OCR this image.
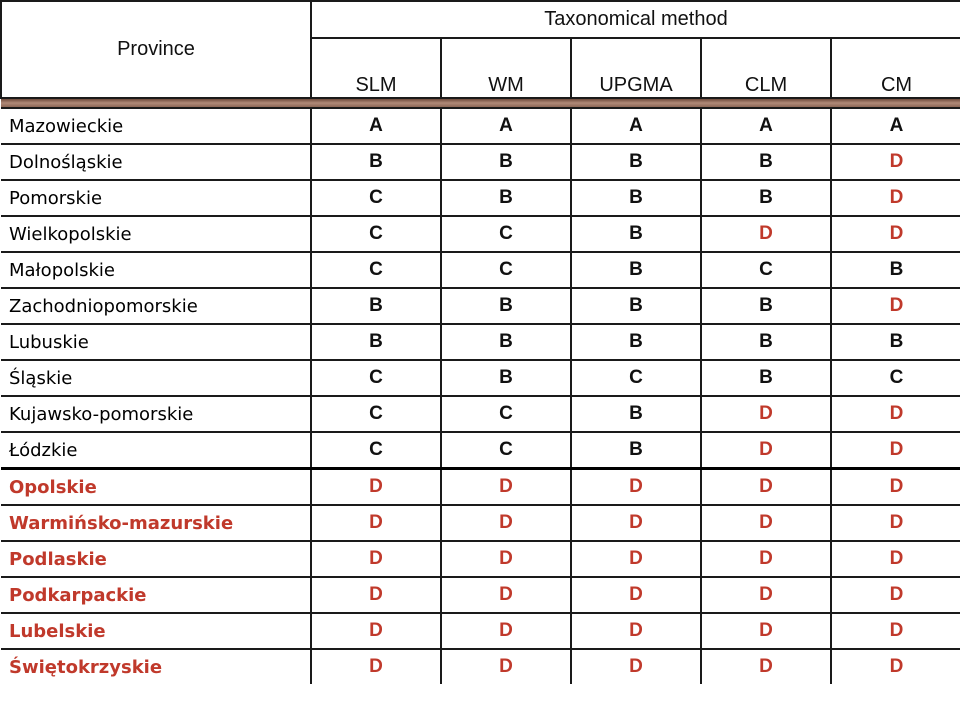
Province	Taxonomical method				
	SLM	WM	UPGMA	CLM	CM

Mazowieckie	A	A	A	A	A
Dolnośląskie	B	B	B	B	D
Pomorskie	C	B	B	B	D
Wielkopolskie	C	C	B	D	D
Małopolskie	C	C	B	C	B
Zachodniopomorskie	B	B	B	B	D
Lubuskie	B	B	B	B	B
Śląskie	C	B	C	B	C
Kujawsko-pomorskie	C	C	B	D	D
Łódzkie	C	C	B	D	D
Opolskie	D	D	D	D	D
Warmińsko-mazurskie	D	D	D	D	D
Podlaskie	D	D	D	D	D
Podkarpackie	D	D	D	D	D
Lubelskie	D	D	D	D	D
Świętokrzyskie	D	D	D	D	D
